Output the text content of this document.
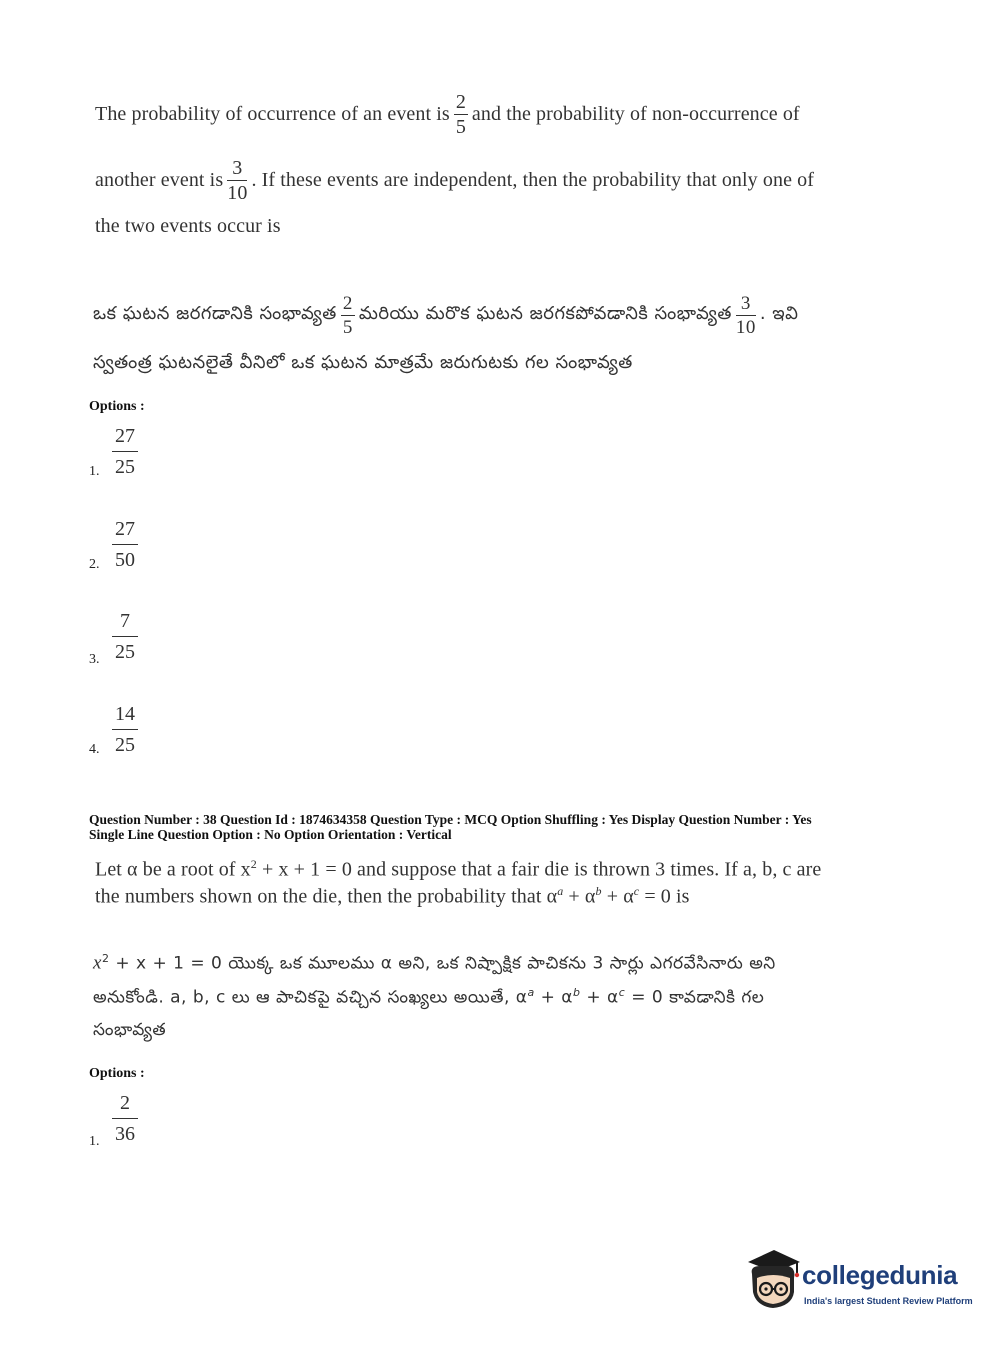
The probability of occurrence of an event is $\frac{2}{5}$ and the probability of non-occurrence of
another event is $\frac{3}{10}$ . If these events are independent, then the probability that only one of
the two events occur is
ఒక ఘటన జరగడానికి సంభావ్యత $\frac{2}{5}$ మరియు మరొక ఘటన జరగకపోవడానికి సంభావ్యత $\frac{3}{10}$ . ఇవి
స్వతంత్ర ఘటనలైతే వీనిలో ఒక ఘటన మాత్రమే జరుగుటకు గల సంభావ్యత
Options :
27
25
1.
27
50
2.
7
25
3.
14
25
4.
Question Number : 38 Question Id : 1874634358 Question Type : MCQ Option Shuffling : Yes Display Question Number : Yes
Single Line Question Option : No Option Orientation : Vertical
Let α be a root of $x^2 + x + 1 = 0$ and suppose that a fair die is thrown 3 times. If a, b, c are
the numbers shown on the die, then the probability that $\alpha^a + \alpha^b + \alpha^c = 0$ is
$x^2 + x + 1 = 0$ యొక్క ఒక మూలము α అని, ఒక నిష్పాక్షిక పాచికను 3 సార్లు ఎగరవేసినారు అని
అనుకోండి. a, b, c లు ఆ పాచికపై వచ్చిన సంఖ్యలు అయితే, $\alpha^a + \alpha^b + \alpha^c = 0$ కావడానికి గల
సంభావ్యత
Options :
2
36
1.
collegedunia
India's largest Student Review Platform
